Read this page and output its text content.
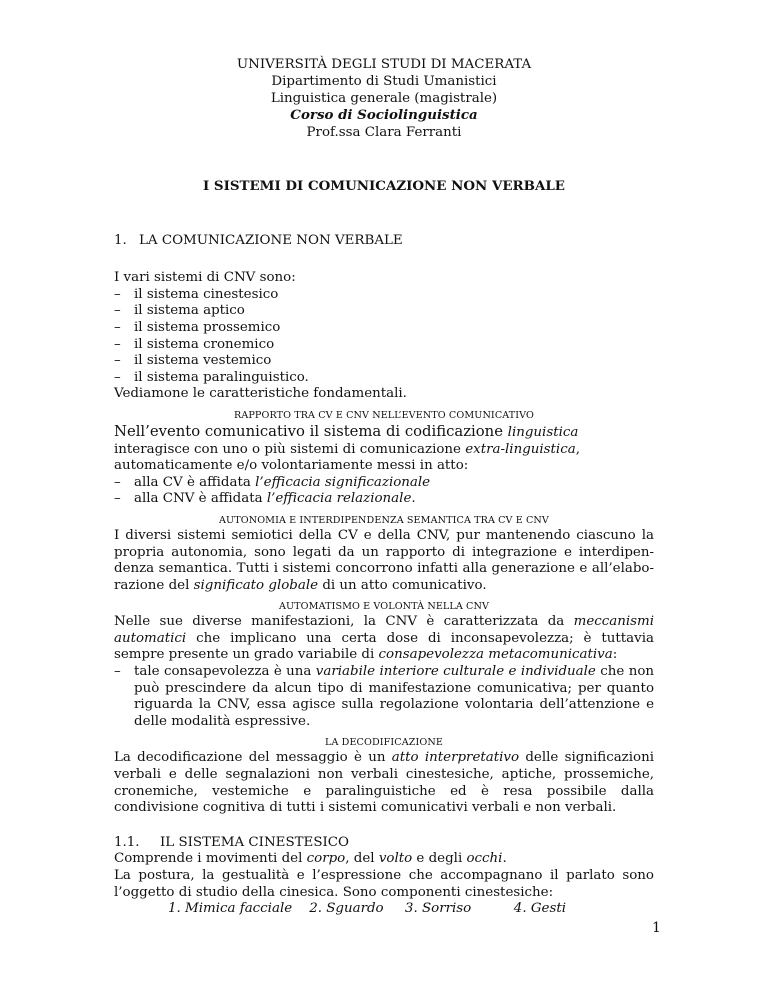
UNIVERSITÀ DEGLI STUDI DI MACERATA
Dipartimento di Studi Umanistici
Linguistica generale (magistrale)
Corso di Sociolinguistica
Prof.ssa Clara Ferranti
I SISTEMI DI COMUNICAZIONE NON VERBALE
1. LA COMUNICAZIONE NON VERBALE
I vari sistemi di CNV sono:
– il sistema cinestesico
– il sistema aptico
– il sistema prossemico
– il sistema cronemico
– il sistema vestemico
– il sistema paralinguistico.
Vediamone le caratteristiche fondamentali.
RAPPORTO TRA CV E CNV NELL’EVENTO COMUNICATIVO
Nell’evento comunicativo il sistema di codificazione linguistica interagisce con uno o più sistemi di comunicazione extra-linguistica, automaticamente e/o volontariamente messi in atto:
– alla CV è affidata l’efficacia significazionale
– alla CNV è affidata l’efficacia relazionale.
AUTONOMIA E INTERDIPENDENZA SEMANTICA TRA CV E CNV
I diversi sistemi semiotici della CV e della CNV, pur mantenendo ciascuno la propria autonomia, sono legati da un rapporto di integrazione e interdipen-denza semantica. Tutti i sistemi concorrono infatti alla generazione e all’elabo-razione del significato globale di un atto comunicativo.
AUTOMATISMO E VOLONTÀ NELLA CNV
Nelle sue diverse manifestazioni, la CNV è caratterizzata da meccanismi automatici che implicano una certa dose di inconsapevolezza; è tuttavia sempre presente un grado variabile di consapevolezza metacomunicativa:
– tale consapevolezza è una variabile interiore culturale e individuale che non può prescindere da alcun tipo di manifestazione comunicativa; per quanto riguarda la CNV, essa agisce sulla regolazione volontaria dell’attenzione e delle modalità espressive.
LA DECODIFICAZIONE
La decodificazione del messaggio è un atto interpretativo delle significazioni verbali e delle segnalazioni non verbali cinestesiche, aptiche, prossemiche, cronemiche, vestemiche e paralinguistiche ed è resa possibile dalla condivisione cognitiva di tutti i sistemi comunicativi verbali e non verbali.
1.1. IL SISTEMA CINESTESICO
Comprende i movimenti del corpo, del volto e degli occhi.
La postura, la gestualità e l’espressione che accompagnano il parlato sono l’oggetto di studio della cinesica. Sono componenti cinestesiche:
1. Mimica facciale 2. Sguardo 3. Sorriso	4. Gesti
1
